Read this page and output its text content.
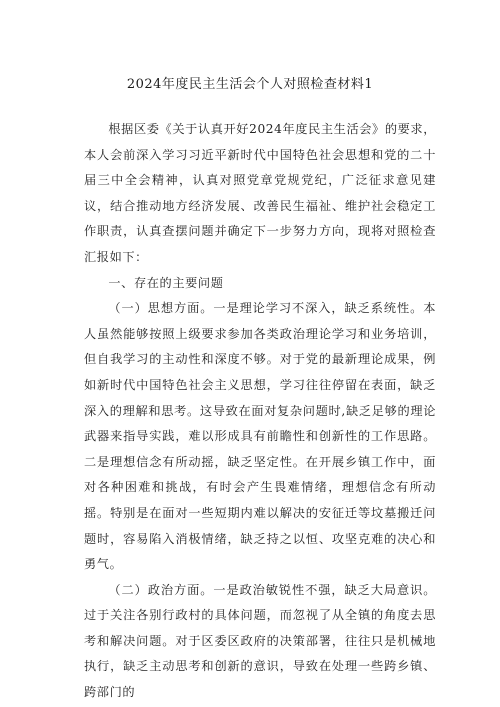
2024年度民主生活会个人对照检查材料1

根据区委《关于认真开好2024年度民主生活会》的要求，本人会前深入学习习近平新时代中国特色社会思想和党的二十届三中全会精神，认真对照党章党规党纪，广泛征求意见建议，结合推动地方经济发展、改善民生福祉、维护社会稳定工作职责，认真查摆问题并确定下一步努力方向，现将对照检查汇报如下：

一、存在的主要问题

（一）思想方面。一是理论学习不深入，缺乏系统性。本人虽然能够按照上级要求参加各类政治理论学习和业务培训，但自我学习的主动性和深度不够。对于党的最新理论成果，例如新时代中国特色社会主义思想，学习往往停留在表面，缺乏深入的理解和思考。这导致在面对复杂问题时,缺乏足够的理论武器来指导实践，难以形成具有前瞻性和创新性的工作思路。二是理想信念有所动摇，缺乏坚定性。在开展乡镇工作中，面对各种困难和挑战，有时会产生畏难情绪，理想信念有所动摇。特别是在面对一些短期内难以解决的安征迁等坟墓搬迁问题时，容易陷入消极情绪，缺乏持之以恒、攻坚克难的决心和勇气。

（二）政治方面。一是政治敏锐性不强，缺乏大局意识。过于关注各别行政村的具体问题，而忽视了从全镇的角度去思考和解决问题。对于区委区政府的决策部署，往往只是机械地执行，缺乏主动思考和创新的意识，导致在处理一些跨乡镇、跨部门的
